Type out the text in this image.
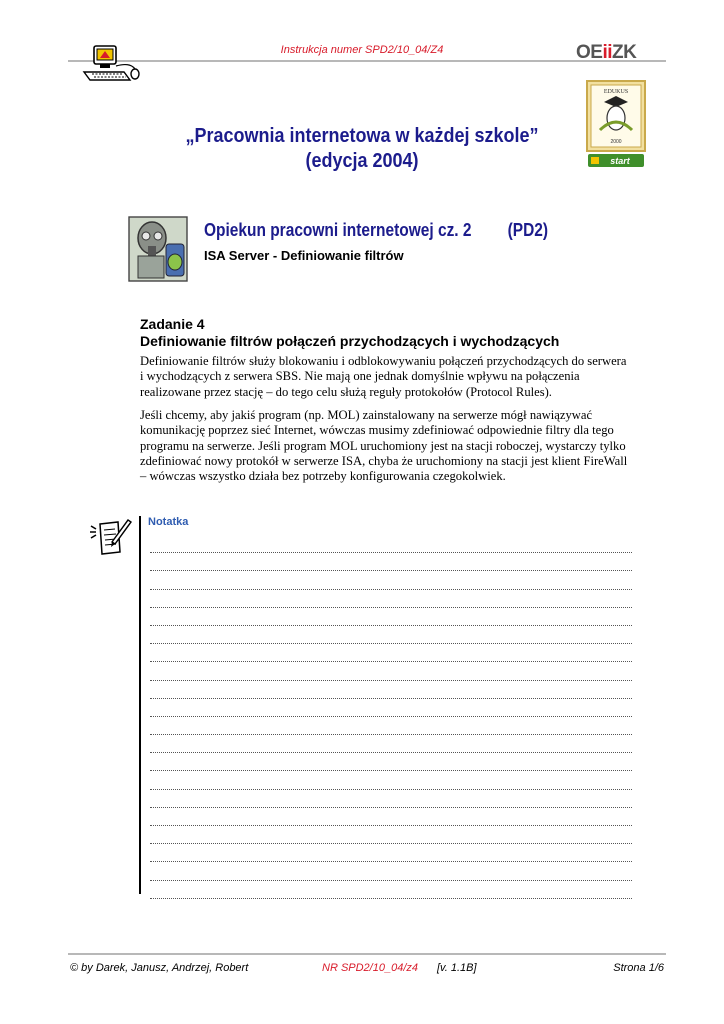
Instrukcja numer SPD2/10_04/Z4	OEiiZK
EDUKUS
2000
start
„Pracownia internetowa w każdej szkole”
(edycja 2004)
Opiekun pracowni internetowej cz. 2 (PD2)
ISA Server - Definiowanie filtrów
Zadanie 4
Definiowanie filtrów połączeń przychodzących i wychodzących
Definiowanie filtrów służy blokowaniu i odblokowywaniu połączeń przychodzących do serwera i wychodzących z serwera SBS. Nie mają one jednak domyślnie wpływu na połączenia realizowane przez stację – do tego celu służą reguły protokołów (Protocol Rules).
Jeśli chcemy, aby jakiś program (np. MOL) zainstalowany na serwerze mógł nawiązywać komunikację poprzez sieć Internet, wówczas musimy zdefiniować odpowiednie filtry dla tego programu na serwerze. Jeśli program MOL uruchomiony jest na stacji roboczej, wystarczy tylko zdefiniować nowy protokół w serwerze ISA, chyba że uruchomiony na stacji jest klient FireWall – wówczas wszystko działa bez potrzeby konfigurowania czegokolwiek.
Notatka
© by Darek, Janusz, Andrzej, Robert	NR SPD2/10_04/z4 [v. 1.1B]	Strona 1/6
